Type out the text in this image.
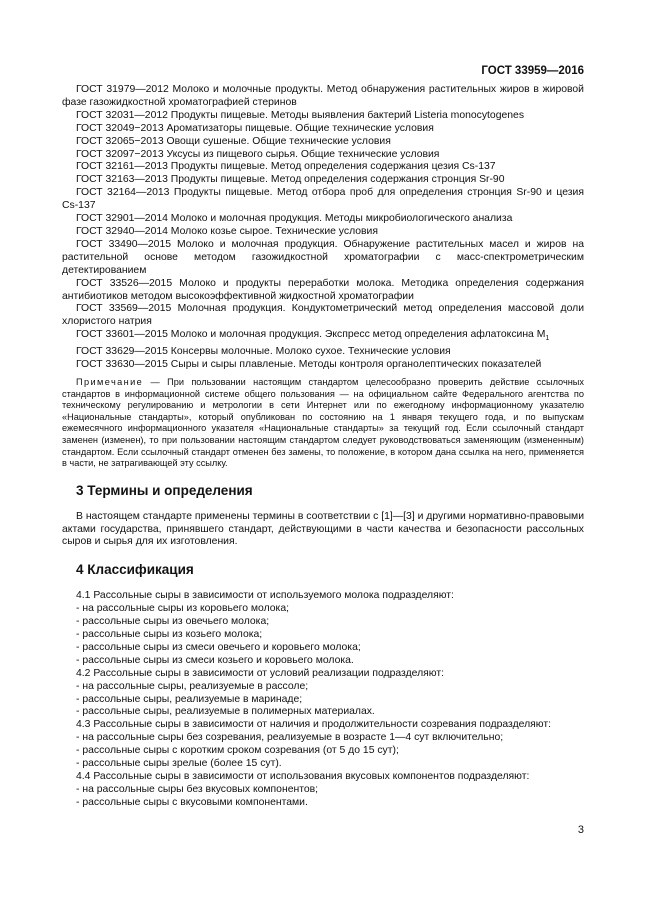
ГОСТ 33959—2016

ГОСТ 31979—2012 Молоко и молочные продукты. Метод обнаружения растительных жиров в жировой фазе газожидкостной хроматографией стеринов

ГОСТ 32031—2012 Продукты пищевые. Методы выявления бактерий Listeria monocytogenes

ГОСТ 32049−2013 Ароматизаторы пищевые. Общие технические условия

ГОСТ 32065−2013 Овощи сушеные. Общие технические условия

ГОСТ 32097−2013 Уксусы из пищевого сырья. Общие технические условия

ГОСТ 32161—2013 Продукты пищевые. Метод определения содержания цезия Cs-137

ГОСТ 32163—2013 Продукты пищевые. Метод определения содержания стронция Sr-90

ГОСТ 32164—2013 Продукты пищевые. Метод отбора проб для определения стронция Sr-90 и цезия Cs-137

ГОСТ 32901—2014 Молоко и молочная продукция. Методы микробиологического анализа

ГОСТ 32940—2014 Молоко козье сырое. Технические условия

ГОСТ 33490—2015 Молоко и молочная продукция. Обнаружение растительных масел и жиров на растительной основе методом газожидкостной хроматографии с масс-спектрометрическим детектированием

ГОСТ 33526—2015 Молоко и продукты переработки молока. Методика определения содержания антибиотиков методом высокоэффективной жидкостной хроматографии

ГОСТ 33569—2015 Молочная продукция. Кондуктометрический метод определения массовой доли хлористого натрия

ГОСТ 33601—2015 Молоко и молочная продукция. Экспресс метод определения афлатоксина $M_1$

ГОСТ 33629—2015 Консервы молочные. Молоко сухое. Технические условия

ГОСТ 33630—2015 Сыры и сыры плавленые. Методы контроля органолептических показателей

Примечание — При пользовании настоящим стандартом целесообразно проверить действие ссылочных стандартов в информационной системе общего пользования — на официальном сайте Федерального агентства по техническому регулированию и метрологии в сети Интернет или по ежегодному информационному указателю «Национальные стандарты», который опубликован по состоянию на 1 января текущего года, и по выпускам ежемесячного информационного указателя «Национальные стандарты» за текущий год. Если ссылочный стандарт заменен (изменен), то при пользовании настоящим стандартом следует руководствоваться заменяющим (измененным) стандартом. Если ссылочный стандарт отменен без замены, то положение, в котором дана ссылка на него, применяется в части, не затрагивающей эту ссылку.

3 Термины и определения

В настоящем стандарте применены термины в соответствии с [1]—[3] и другими нормативно-правовыми актами государства, принявшего стандарт, действующими в части качества и безопасности рассольных сыров и сырья для их изготовления.

4 Классификация

4.1 Рассольные сыры в зависимости от используемого молока подразделяют:

- на рассольные сыры из коровьего молока;

- рассольные сыры из овечьего молока;

- рассольные сыры из козьего молока;

- рассольные сыры из смеси овечьего и коровьего молока;

- рассольные сыры из смеси козьего и коровьего молока.

4.2 Рассольные сыры в зависимости от условий реализации подразделяют:

- на рассольные сыры, реализуемые в рассоле;

- рассольные сыры, реализуемые в маринаде;

- рассольные сыры, реализуемые в полимерных материалах.

4.3 Рассольные сыры в зависимости от наличия и продолжительности созревания подразделяют:

- на рассольные сыры без созревания, реализуемые в возрасте 1—4 сут включительно;

- рассольные сыры с коротким сроком созревания (от 5 до 15 сут);

- рассольные сыры зрелые (более 15 сут).

4.4 Рассольные сыры в зависимости от использования вкусовых компонентов подразделяют:

- на рассольные сыры без вкусовых компонентов;

- рассольные сыры с вкусовыми компонентами.

3
